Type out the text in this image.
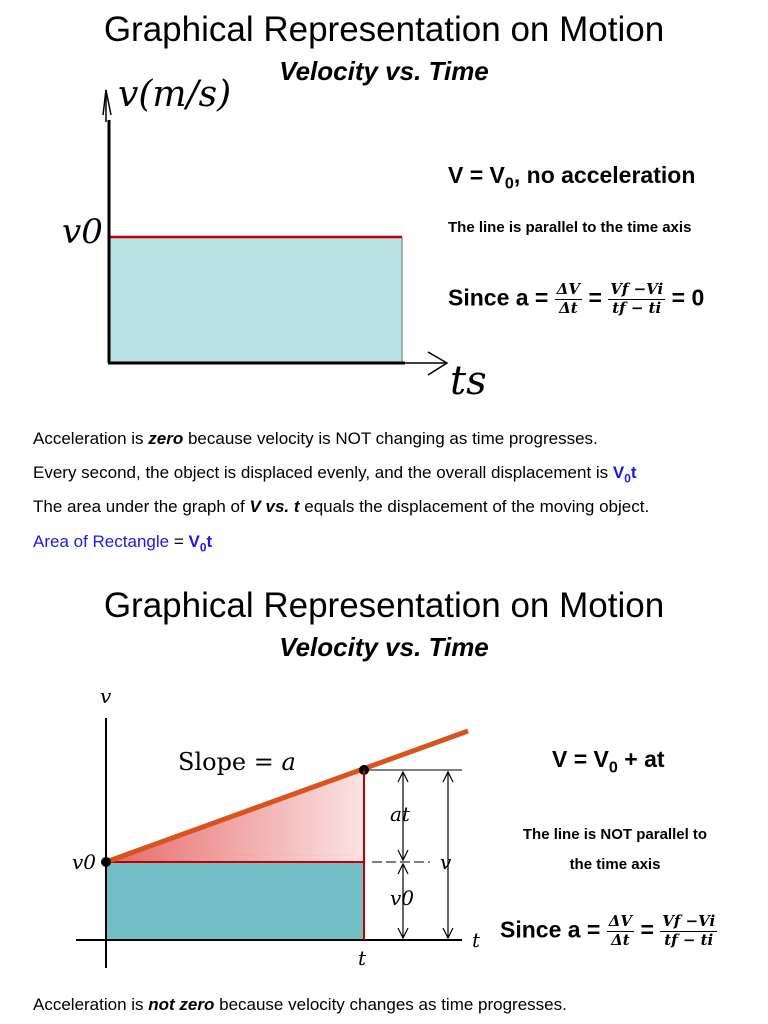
Graphical Representation on Motion
Velocity vs. Time
v(m/s)
v0
ts
$V = V_0$, no acceleration
The line is parallel to the time axis
Since $a = \frac{\Delta V}{\Delta t} = \frac{Vf -Vi}{tf - ti} = 0$
Acceleration is zero because velocity is NOT changing as time progresses.
Every second, the object is displaced evenly, and the overall displacement is $V_0t$
The area under the graph of V vs. t equals the displacement of the moving object.
Area of Rectangle = $V_0t$
Graphical Representation on Motion
Velocity vs. Time
v
Slope = a
v0
at
v
v0
t
t
$V = V_0$ + at
The line is NOT parallel to
the time axis
Since $a = \frac{\Delta V}{\Delta t} = \frac{Vf -Vi}{tf - ti}$
Acceleration is not zero because velocity changes as time progresses.
